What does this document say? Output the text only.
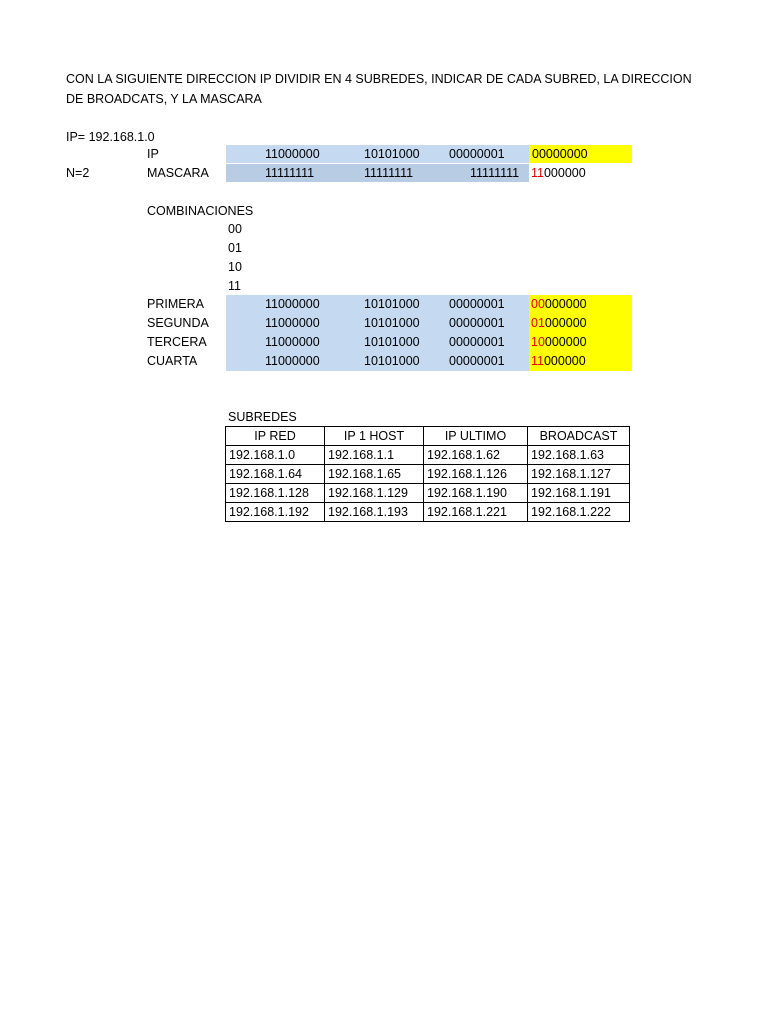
CON LA SIGUIENTE DIRECCION IP DIVIDIR EN 4 SUBREDES, INDICAR DE CADA SUBRED, LA DIRECCION
DE BROADCATS, Y LA MASCARA
IP= 192.168.1.0
IP	11000000	10101000 00000001 00000000
N=2	MASCARA	11111111	11111111	11111111 11000000
COMBINACIONES
00
01
10
11
PRIMERA	11000000	10101000 00000001 00000000
SEGUNDA	11000000	10101000 00000001 01000000
TERCERA	11000000	10101000 00000001 10000000
CUARTA	11000000	10101000 00000001 11000000
SUBREDES
IP RED	IP 1 HOST	IP ULTIMO	BROADCAST
192.168.1.0	192.168.1.1	192.168.1.62	192.168.1.63
192.168.1.64	192.168.1.65	192.168.1.126	192.168.1.127
192.168.1.128	192.168.1.129	192.168.1.190	192.168.1.191
192.168.1.192	192.168.1.193	192.168.1.221	192.168.1.222
